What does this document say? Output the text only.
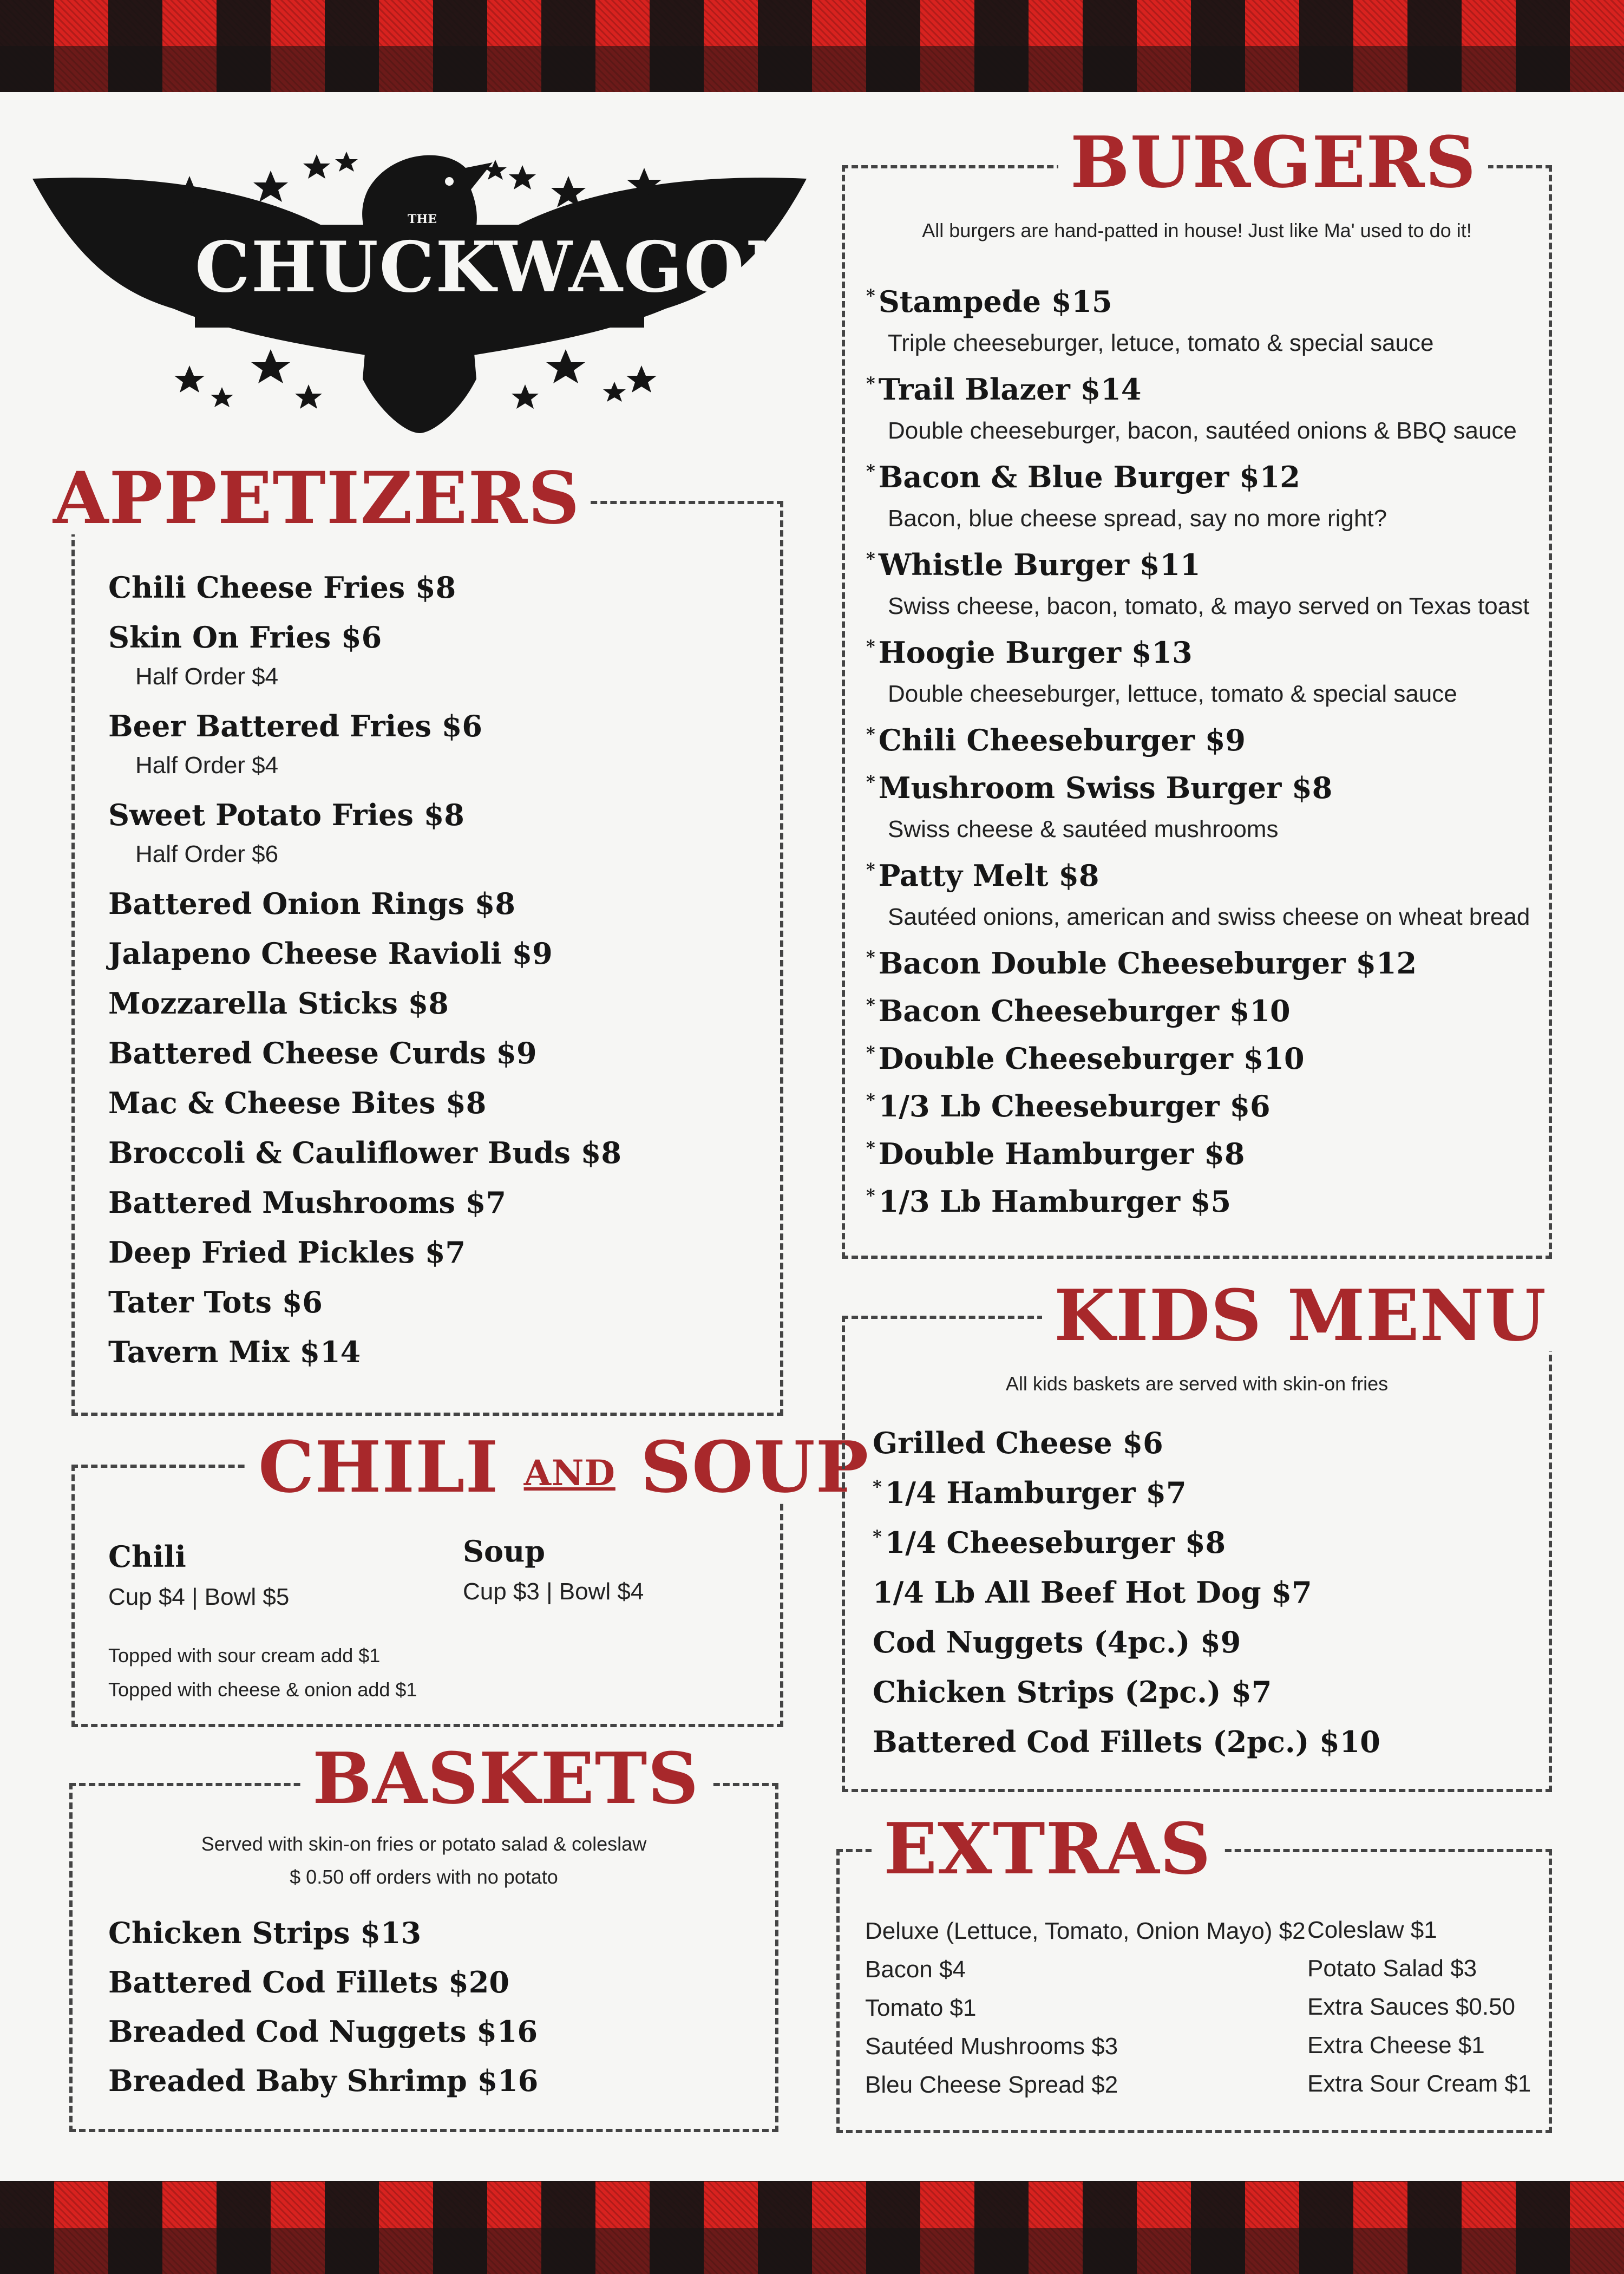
THE
CHUCKWAGON
APPETIZERS
Chili Cheese Fries $8
Skin On Fries $6
Half Order $4
Beer Battered Fries $6
Half Order $4
Sweet Potato Fries $8
Half Order $6
Battered Onion Rings $8
Jalapeno Cheese Ravioli $9
Mozzarella Sticks $8
Battered Cheese Curds $9
Mac & Cheese Bites $8
Broccoli & Cauliflower Buds $8
Battered Mushrooms $7
Deep Fried Pickles $7
Tater Tots $6
Tavern Mix $14
CHILI AND SOUP
Chili
Cup $4 | Bowl $5
Soup
Cup $3 | Bowl $4
Topped with sour cream add $1
Topped with cheese & onion add $1
BASKETS
Served with skin-on fries or potato salad & coleslaw
$ 0.50 off orders with no potato
Chicken Strips $13
Battered Cod Fillets $20
Breaded Cod Nuggets $16
Breaded Baby Shrimp $16
BURGERS
All burgers are hand-patted in house! Just like Ma' used to do it!
* Stampede $15
Triple cheeseburger, letuce, tomato & special sauce
* Trail Blazer $14
Double cheeseburger, bacon, sautéed onions & BBQ sauce
* Bacon & Blue Burger $12
Bacon, blue cheese spread, say no more right?
* Whistle Burger $11
Swiss cheese, bacon, tomato, & mayo served on Texas toast
* Hoogie Burger $13
Double cheeseburger, lettuce, tomato & special sauce
* Chili Cheeseburger $9
* Mushroom Swiss Burger $8
Swiss cheese & sautéed mushrooms
* Patty Melt $8
Sautéed onions, american and swiss cheese on wheat bread
* Bacon Double Cheeseburger $12
* Bacon Cheeseburger $10
* Double Cheeseburger $10
* 1/3 Lb Cheeseburger $6
* Double Hamburger $8
* 1/3 Lb Hamburger $5
KIDS MENU
All kids baskets are served with skin-on fries
Grilled Cheese $6
* 1/4 Hamburger $7
* 1/4 Cheeseburger $8
1/4 Lb All Beef Hot Dog $7
Cod Nuggets (4pc.) $9
Chicken Strips (2pc.) $7
Battered Cod Fillets (2pc.) $10
EXTRAS
Deluxe (Lettuce, Tomato, Onion Mayo) $2
Bacon $4
Tomato $1
Sautéed Mushrooms $3
Bleu Cheese Spread $2
Coleslaw $1
Potato Salad $3
Extra Sauces $0.50
Extra Cheese $1
Extra Sour Cream $1
